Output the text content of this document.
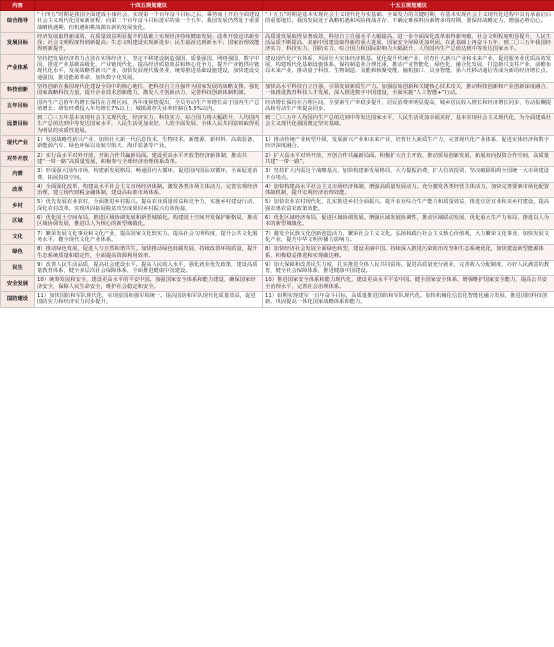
内容	十四五规划建议	十五五规划建议
综合指导	“十四五”时期是我国全面建成小康社会、实现第一个百年奋斗目标之后，乘势而上开启全面建设社会主义现代化国家新征程、向第二个百年奋斗目标进军的第一个五年。我国发展仍然处于重要战略机遇期，但机遇和挑战都有新的发展变化。	“十五五”时期是基本实现社会主义现代化夯实基础、全面发力的关键时期，在基本实现社会主义现代化进程中具有承前启后的重要地位。我国发展处于战略机遇和风险挑战并存、不确定难预料因素增多的时期，要保持战略定力，增强必胜信心。
发展目标	经济发展取得新成效，在质量效益明显提升的基础上实现经济持续健康发展；改革开放迈出新步伐；社会文明程度得到新提高；生态文明建设实现新进步；民生福祉达到新水平；国家治理效能得到新提升。	高质量发展取得显著成效，科技自立自强水平大幅提高，进一步全面深化改革取得新突破，社会文明程度明显提升，人民生活品质不断提高，美丽中国建设取得新的重大进展，国家安全屏障更加巩固。在此基础上再奋斗五年，到二〇三五年我国经济实力、科技实力、国防实力、综合国力和国际影响力大幅跃升，人均国内生产总值达到中等发达国家水平。
产业体系	坚持把发展经济着力点放在实体经济上，坚定不移建设制造强国、质量强国、网络强国、数字中国，推进产业基础高级化、产业链现代化，提高经济质量效益和核心竞争力。提升产业链供应链现代化水平，发展战略性新兴产业，加快发展现代服务业，统筹推进基础设施建设，加快建设交通强国，推进能源革命，加快数字化发展。	建设现代化产业体系，巩固壮大实体经济根基。优化提升传统产业，培育壮大新兴产业和未来产业，促进服务业优质高效发展，构建现代化基础设施体系。保持制造业合理比重，推动产业智能化、绿色化、融合化发展，打造新兴支柱产业，前瞻布局未来产业，推动量子科技、生物制造、氢能和核聚变能、脑机接口、具身智能、第六代移动通信等成为新的经济增长点。
科技创新	坚持创新在我国现代化建设全局中的核心地位，把科技自立自强作为国家发展的战略支撑。强化国家战略科技力量，提升企业技术创新能力，激发人才创新活力，完善科技创新体制机制。	加快高水平科技自立自强，引领发展新质生产力。加强原始创新和关键核心技术攻关，推动科技创新和产业创新深度融合，一体推进教育科技人才发展，深入推进数字中国建设，全面实施“人工智能+”行动。
五年目标	国内生产总值年均增长保持在合理区间、各年度视情提出，全员劳动生产率增长高于国内生产总值增长；研发经费投入年均增长7%以上；城镇调查失业率控制在5.5%以内。	经济增长保持在合理区间，全要素生产率稳步提升，居民消费率明显提高，城乡居民收入增长和经济增长同步，劳动报酬提高和劳动生产率提高同步。
远景目标	到二〇三五年基本实现社会主义现代化，经济实力、科技实力、综合国力将大幅跃升，人均国内生产总值达到中等发达国家水平，人民生活更加美好，人的全面发展、全体人民共同富裕取得更为明显的实质性进展。	到二〇三五年人均国内生产总值达到中等发达国家水平，人民生活更加幸福美好，基本实现社会主义现代化，为全面建成社会主义现代化强国奠定坚实基础。
现代产业	1）发展战略性新兴产业，加快壮大新一代信息技术、生物技术、新能源、新材料、高端装备、新能源汽车、绿色环保以及航空航天、海洋装备等产业。	1）推动传统产业转型升级，发展新兴产业和未来产业，培育壮大新质生产力，完善现代化产业体系，促进实体经济和数字经济深度融合。
对外开放	2）实行高水平对外开放，开拓合作共赢新局面。建设更高水平开放型经济新体制，推动共建“一带一路”高质量发展，积极参与全球经济治理体系改革。	2）扩大高水平对外开放，开创合作共赢新局面。积极扩大自主开放，推动贸易创新发展，拓展双向投资合作空间，高质量共建“一带一路”。
内需	3）形成强大国内市场，构建新发展格局。畅通国内大循环，促进国内国际双循环，全面促进消费，拓展投资空间。	3）坚持扩大内需这个战略基点，加快构建新发展格局，大力提振消费，扩大有效投资，坚决破除阻碍全国统一大市场建设卡点堵点。
改革	4）全面深化改革，构建高水平社会主义市场经济体制。激发各类市场主体活力，完善宏观经济治理，建立现代财税金融体制，建设高标准市场体系。	4）加快构建高水平社会主义市场经济体制，增强高质量发展动力。充分激发各类经营主体活力，加快完善要素市场化配置体制机制，提升宏观经济治理效能。
乡村	5）优先发展农业农村，全面推进乡村振兴。提高农业质量效益和竞争力，实施乡村建设行动，深化农村改革，实现巩固拓展脱贫攻坚成果同乡村振兴有效衔接。	5）加快农业农村现代化，扎实推进乡村全面振兴。提升农业综合生产能力和质量效益，推进宜居宜业和美乡村建设，提高强农惠农富农政策效能。
区域	6）优化国土空间布局，推进区域协调发展和新型城镇化。构建国土空间开发保护新格局，推动区域协调发展，推进以人为核心的新型城镇化。	6）优化区域经济布局，促进区域协调发展。增强区域发展协调性，推动区域联动发展，优化重大生产力布局，推进以人为本的新型城镇化。
文化	7）繁荣发展文化事业和文化产业，提高国家文化软实力。提高社会文明程度，提升公共文化服务水平，健全现代文化产业体系。	7）激发全民族文化创新创造活力，繁荣社会主义文化。弘扬和践行社会主义核心价值观，大力繁荣文化事业，加快发展文化产业，提升中华文明传播力影响力。
绿色	8）推动绿色发展，促进人与自然和谐共生。加快推动绿色低碳发展，持续改善环境质量，提升生态系统质量和稳定性，全面提高资源利用效率。	8）加快经济社会发展全面绿色转型，建设美丽中国。持续深入推进污染防治攻坚和生态系统优化，加快建设新型能源体系，积极稳妥推进和实现碳达峰。
民生	9）改善人民生活品质，提高社会建设水平。提高人民收入水平，强化就业优先政策，建设高质量教育体系，健全多层次社会保障体系，全面推进健康中国建设。	9）加大保障和改善民生力度，扎实推进全体人民共同富裕。促进高质量充分就业，完善收入分配制度，办好人民满意的教育，健全社会保障体系，推进健康中国建设。
安全发展	10）统筹发展和安全，建设更高水平的平安中国。加强国家安全体系和能力建设，确保国家经济安全，保障人民生命安全，维护社会稳定和安全。	10）推进国家安全体系和能力现代化，建设更高水平平安中国。健全国家安全体系，增强维护国家安全能力，提高公共安全治理水平，完善社会治理体系。
国防建设	11）加快国防和军队现代化，实现富国和强军相统一。提高国防和军队现代化质量效益，促进国防实力和经济实力同步提升。	11）如期实现建军一百年奋斗目标，高质量推进国防和军队现代化。加快机械化信息化智能化融合发展，推进国防科技创新，巩固提高一体化国家战略体系和能力。
